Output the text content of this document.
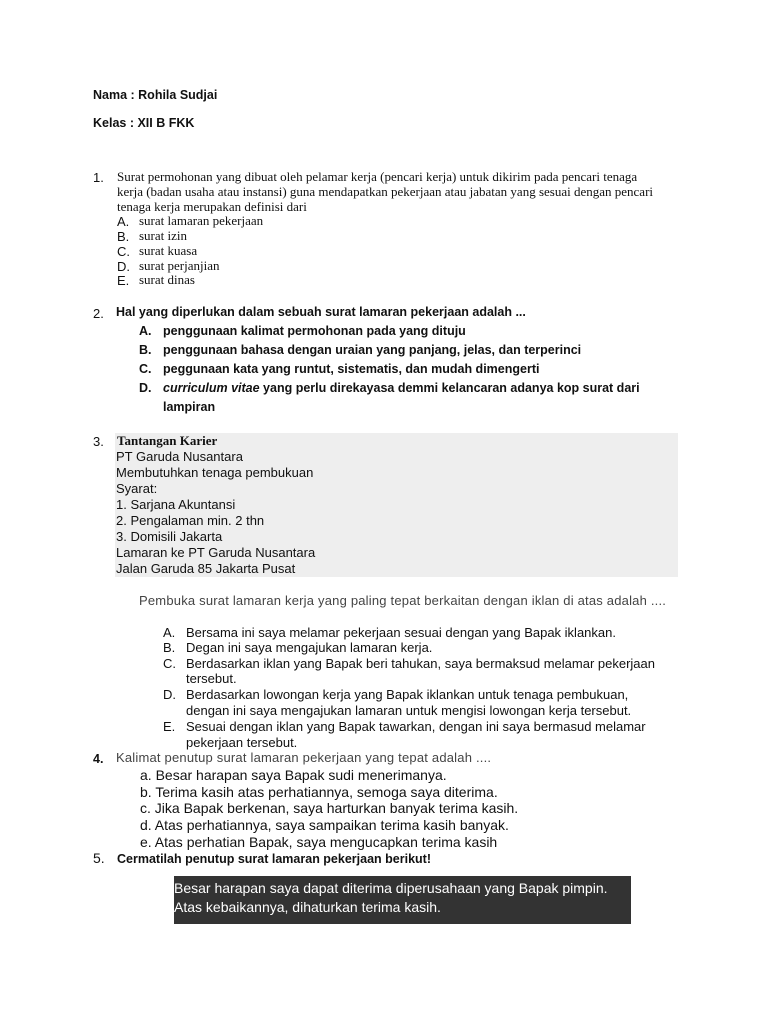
Nama : Rohila Sudjai
Kelas : XII B FKK
1. Surat permohonan yang dibuat oleh pelamar kerja (pencari kerja) untuk dikirim pada pencari tenaga
kerja (badan usaha atau instansi) guna mendapatkan pekerjaan atau jabatan yang sesuai dengan pencari
tenaga kerja merupakan definisi dari
A. surat lamaran pekerjaan
B. surat izin
C. surat kuasa
D. surat perjanjian
E. surat dinas
2. Hal yang diperlukan dalam sebuah surat lamaran pekerjaan adalah ...
A. penggunaan kalimat permohonan pada yang dituju
B. penggunaan bahasa dengan uraian yang panjang, jelas, dan terperinci
C. peggunaan kata yang runtut, sistematis, dan mudah dimengerti
D. curriculum vitae yang perlu direkayasa demmi kelancaran adanya kop surat dari
lampiran
3. Tantangan Karier
PT Garuda Nusantara
Membutuhkan tenaga pembukuan
Syarat:
1. Sarjana Akuntansi
2. Pengalaman min. 2 thn
3. Domisili Jakarta
Lamaran ke PT Garuda Nusantara
Jalan Garuda 85 Jakarta Pusat
Pembuka surat lamaran kerja yang paling tepat berkaitan dengan iklan di atas adalah ....
A. Bersama ini saya melamar pekerjaan sesuai dengan yang Bapak iklankan.
B. Degan ini saya mengajukan lamaran kerja.
C. Berdasarkan iklan yang Bapak beri tahukan, saya bermaksud melamar pekerjaan
tersebut.
D. Berdasarkan lowongan kerja yang Bapak iklankan untuk tenaga pembukuan,
dengan ini saya mengajukan lamaran untuk mengisi lowongan kerja tersebut.
E. Sesuai dengan iklan yang Bapak tawarkan, dengan ini saya bermasud melamar
pekerjaan tersebut.
4. Kalimat penutup surat lamaran pekerjaan yang tepat adalah ....
a. Besar harapan saya Bapak sudi menerimanya.
b. Terima kasih atas perhatiannya, semoga saya diterima.
c. Jika Bapak berkenan, saya harturkan banyak terima kasih.
d. Atas perhatiannya, saya sampaikan terima kasih banyak.
e. Atas perhatian Bapak, saya mengucapkan terima kasih
5. Cermatilah penutup surat lamaran pekerjaan berikut!
Besar harapan saya dapat diterima diperusahaan yang Bapak pimpin.
Atas kebaikannya, dihaturkan terima kasih.
